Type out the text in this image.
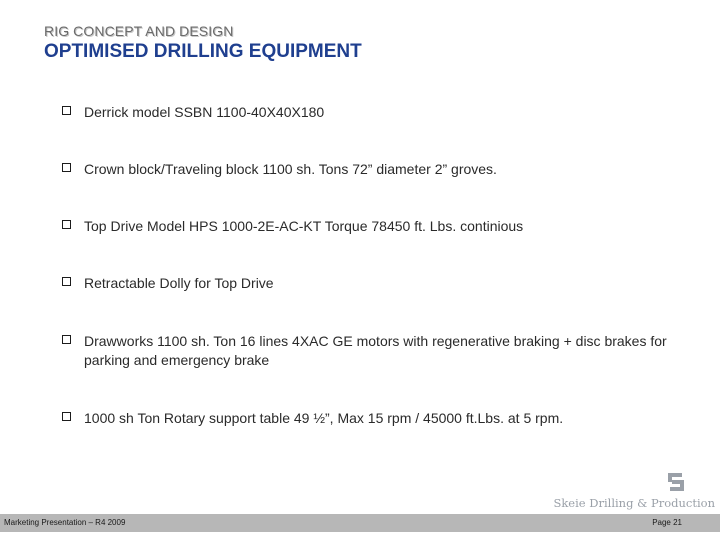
RIG CONCEPT AND DESIGN
OPTIMISED DRILLING EQUIPMENT
Derrick model SSBN 1100-40X40X180
Crown block/Traveling block 1100 sh. Tons 72” diameter 2” groves.
Top Drive Model HPS 1000-2E-AC-KT Torque 78450 ft. Lbs. continious
Retractable Dolly for Top Drive
Drawworks 1100 sh. Ton 16 lines 4XAC GE motors with regenerative braking + disc brakes for parking and emergency brake
1000 sh Ton Rotary support table 49 ½”, Max 15 rpm / 45000 ft.Lbs. at 5 rpm.
Skeie Drilling & Production
Marketing Presentation – R4 2009	Page 21
